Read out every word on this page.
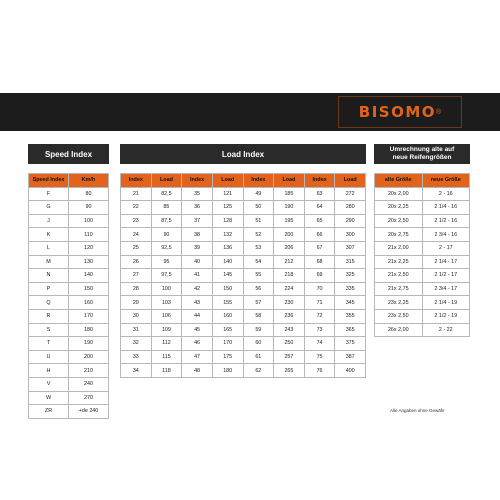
BISOMO ®
Speed Index	Load Index	Umrechnung alte auf
neue Reifengrößen
Speed Index	Km/h
F	80
G	90
J	100
K	110
L	120
M	130
N	140
P	150
Q	160
R	170
S	180
T	190
U	200
H	210
V	240
W	270
ZR	+de 240
Index	Load	Index	Load	Index	Load	Index	Load
21	82,5	35	121	49	185	63	272
22	85	36	125	50	190	64	280
23	87,5	37	128	51	195	65	290
24	90	38	132	52	200	66	300
25	92,5	39	136	53	206	67	307
26	95	40	140	54	212	68	315
27	97,5	41	145	55	218	69	325
28	100	42	150	56	224	70	335
29	103	43	155	57	230	71	345
30	106	44	160	58	236	72	355
31	109	45	165	59	243	73	365
32	112	46	170	60	250	74	375
33	115	47	175	61	257	75	387
34	118	48	180	62	265	76	400
alte Größe	neue Größe
20x 2,00	2 - 16
20x 2,25	2 1/4 - 16
20x 2,50	2 1/2 - 16
20x 2,75	2 3/4 - 16
21x 2,00	2 - 17
21x 2,25	2 1/4 - 17
21x 2,50	2 1/2 - 17
21x 2,75	2 3/4 - 17
23x 2,25	2 1/4 - 19
23x 2,50	2 1/2 - 19
26x 2,00	2 - 22
Alle Angaben ohne Gewähr
